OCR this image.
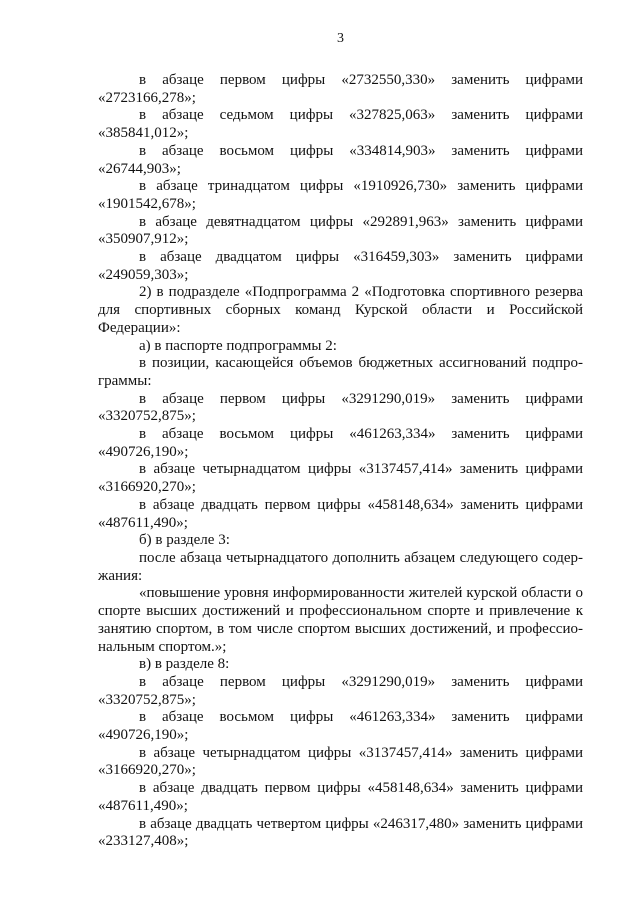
3
в абзаце первом цифры «2732550,330» заменить цифрами
«2723166,278»;
в абзаце седьмом цифры «327825,063» заменить цифрами
«385841,012»;
в абзаце восьмом цифры «334814,903» заменить цифрами
«26744,903»;
в абзаце тринадцатом цифры «1910926,730» заменить цифрами
«1901542,678»;
в абзаце девятнадцатом цифры «292891,963» заменить цифрами
«350907,912»;
в абзаце двадцатом цифры «316459,303» заменить цифрами
«249059,303»;
2) в подразделе «Подпрограмма 2 «Подготовка спортивного резерва
для спортивных сборных команд Курской области и Российской Федерации»:
а) в паспорте подпрограммы 2:
в позиции, касающейся объемов бюджетных ассигнований подпро-
граммы:
в абзаце первом цифры «3291290,019» заменить цифрами
«3320752,875»;
в абзаце восьмом цифры «461263,334» заменить цифрами
«490726,190»;
в абзаце четырнадцатом цифры «3137457,414» заменить цифрами
«3166920,270»;
в абзаце двадцать первом цифры «458148,634» заменить цифрами
«487611,490»;
б) в разделе 3:
после абзаца четырнадцатого дополнить абзацем следующего содер-
жания:
«повышение уровня информированности жителей курской области о
спорте высших достижений и профессиональном спорте и привлечение к занятию спортом, в том числе спортом высших достижений, и профессио-нальным спортом.»;
в) в разделе 8:
в абзаце первом цифры «3291290,019» заменить цифрами
«3320752,875»;
в абзаце восьмом цифры «461263,334» заменить цифрами
«490726,190»;
в абзаце четырнадцатом цифры «3137457,414» заменить цифрами
«3166920,270»;
в абзаце двадцать первом цифры «458148,634» заменить цифрами
«487611,490»;
в абзаце двадцать четвертом цифры «246317,480» заменить цифрами
«233127,408»;
